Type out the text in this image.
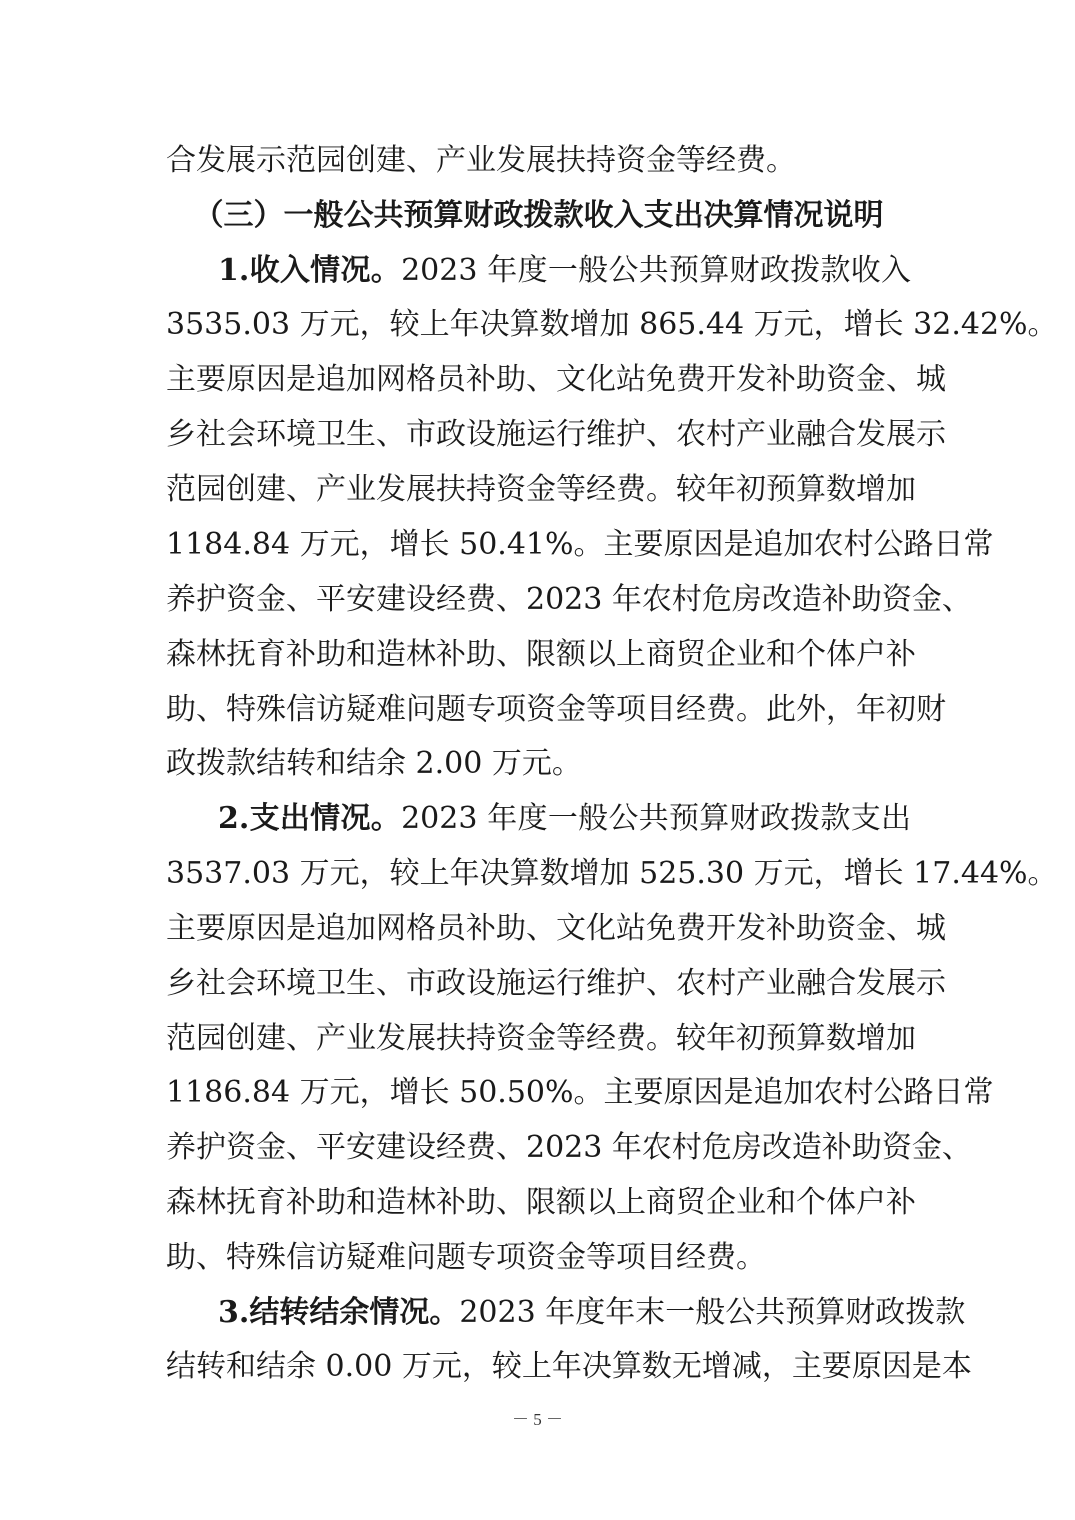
合发展示范园创建、产业发展扶持资金等经费。
（三）一般公共预算财政拨款收入支出决算情况说明
1.收入情况。2023 年度一般公共预算财政拨款收入
3535.03 万元，较上年决算数增加 865.44 万元，增长 32.42%。
主要原因是追加网格员补助、文化站免费开发补助资金、城
乡社会环境卫生、市政设施运行维护、农村产业融合发展示
范园创建、产业发展扶持资金等经费。较年初预算数增加
1184.84 万元，增长 50.41%。主要原因是追加农村公路日常
养护资金、平安建设经费、2023 年农村危房改造补助资金、
森林抚育补助和造林补助、限额以上商贸企业和个体户补
助、特殊信访疑难问题专项资金等项目经费。此外，年初财
政拨款结转和结余 2.00 万元。
2.支出情况。2023 年度一般公共预算财政拨款支出
3537.03 万元，较上年决算数增加 525.30 万元，增长 17.44%。
主要原因是追加网格员补助、文化站免费开发补助资金、城
乡社会环境卫生、市政设施运行维护、农村产业融合发展示
范园创建、产业发展扶持资金等经费。较年初预算数增加
1186.84 万元，增长 50.50%。主要原因是追加农村公路日常
养护资金、平安建设经费、2023 年农村危房改造补助资金、
森林抚育补助和造林补助、限额以上商贸企业和个体户补
助、特殊信访疑难问题专项资金等项目经费。
3.结转结余情况。2023 年度年末一般公共预算财政拨款
结转和结余 0.00 万元，较上年决算数无增减，主要原因是本
－ 5 －
